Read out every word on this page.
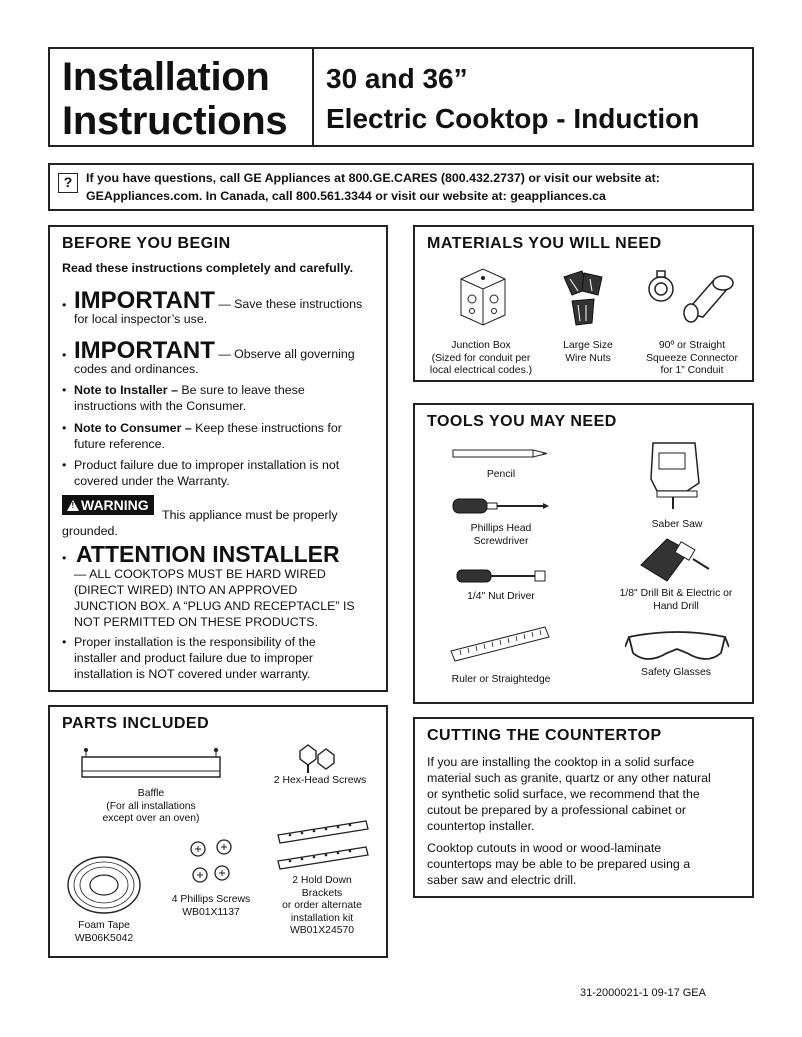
Installation
Instructions
30 and 36”
Electric Cooktop - Induction
?	If you have questions, call GE Appliances at 800.GE.CARES (800.432.2737) or visit our website at:

GEAppliances.com. In Canada, call 800.561.3344 or visit our website at: geappliances.ca

BEFORE YOU BEGIN
Read these instructions completely and carefully.
• IMPORTANT — Save these instructions
for local inspector’s use.
• IMPORTANT — Observe all governing
codes and ordinances.
• Note to Installer – Be sure to leave these
instructions with the Consumer.
• Note to Consumer – Keep these instructions for
future reference.
• Product failure due to improper installation is not
covered under the Warranty.
!WARNING
This appliance must be properly
grounded.
• ATTENTION INSTALLER
— ALL COOKTOPS MUST BE HARD WIRED
(DIRECT WIRED) INTO AN APPROVED
JUNCTION BOX. A “PLUG AND RECEPTACLE” IS
NOT PERMITTED ON THESE PRODUCTS.
• Proper installation is the responsibility of the
installer and product failure due to improper
installation is NOT covered under warranty.
MATERIALS YOU WILL NEED
Junction Box
(Sized for conduit per
local electrical codes.)
Large Size
Wire Nuts
90º or Straight
Squeeze Connector
for 1” Conduit
TOOLS YOU MAY NEED
Pencil
Saber Saw
Phillips Head
Screwdriver
1/4" Nut Driver	1/8" Drill Bit & Electric or
Hand Drill
Ruler or Straightedge
Safety Glasses
PARTS INCLUDED
Baffle
(For all installations
except over an oven)
2 Hex-Head Screws
4 Phillips Screws
WB01X1137
2 Hold Down
Brackets
or order alternate
installation kit
WB01X24570
Foam Tape
WB06K5042
CUTTING THE COUNTERTOP
If you are installing the cooktop in a solid surface
material such as granite, quartz or any other natural
or synthetic solid surface, we recommend that the
cutout be prepared by a professional cabinet or
countertop installer.
Cooktop cutouts in wood or wood-laminate
countertops may be able to be prepared using a
saber saw and electric drill.
31-2000021-1 09-17 GEA
